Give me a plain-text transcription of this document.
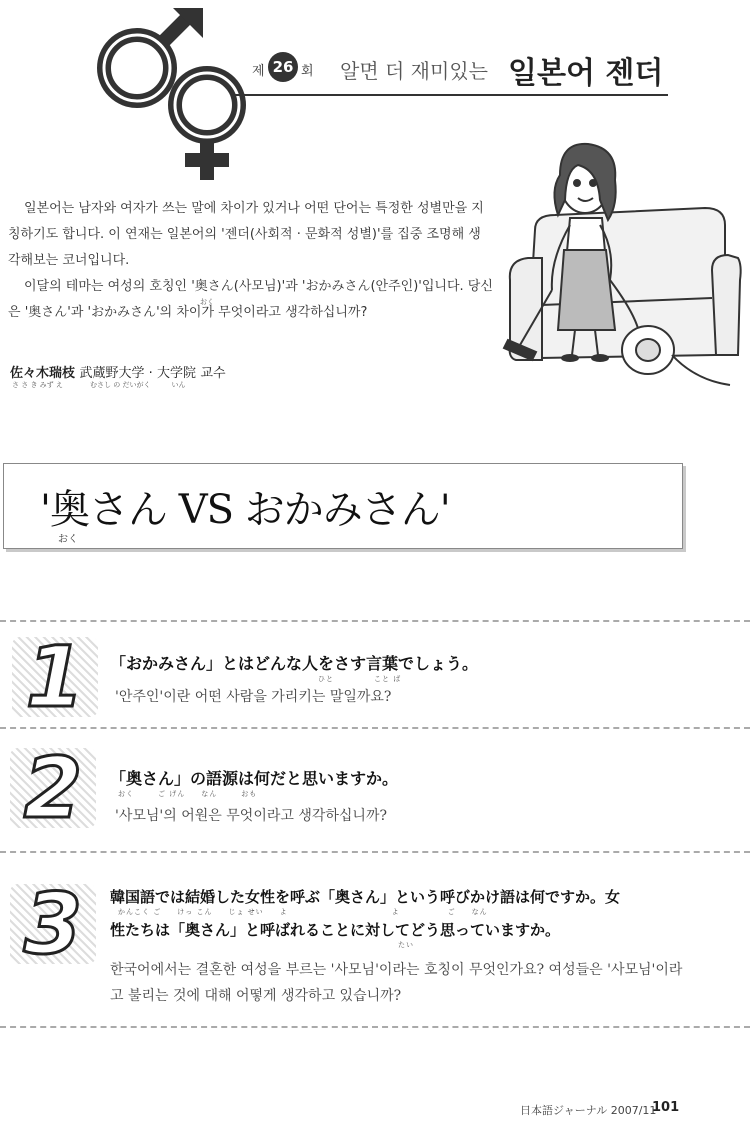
제 26 회 알면 더 재미있는 일본어 젠더

일본어는 남자와 여자가 쓰는 말에 차이가 있거나 어떤 단어는 특정한 성별만을 지칭하기도 합니다. 이 연재는 일본어의 '젠더(사회적 · 문화적 성별)'를 집중 조명해 생각해보는 코너입니다.

이달의 테마는 여성의 호칭인 '奥さん(사모님)'과 'おかみさん(안주인)'입니다. 당신은 '奥さん'과 'おかみさん'의 차이가 무엇이라고 생각하십니까?

おく
佐々木瑞枝 武蔵野大学 · 大学院 교수
さ さ き みず え	むさし の だいがく　　　いん
'奥さん VS おかみさん'
おく
1	「おかみさん」とはどんな人をさす言葉でしょう。
ひと　　　　　こと ば
'안주인'이란 어떤 사람을 가리키는 말일까요?
2	「奥さん」の語源は何だと思いますか。
おく　　　ご げん　　なん　　　おも
'사모님'의 어원은 무엇이라고 생각하십니까?
3	韓国語では結婚した女性を呼ぶ「奥さん」という呼びかけ語は何ですか。女
かんこく ご　　けっ こん　　じょ せい　　よ　　　　　　　　　　　　　よ　　　　　　ご　　なん
性たちは「奥さん」と呼ばれることに対してどう思っていますか。
たい
한국어에서는 결혼한 여성을 부르는 '사모님'이라는 호칭이 무엇인가요? 여성들은 '사모님'이라고 불리는 것에 대해 어떻게 생각하고 있습니까?
日本語ジャーナル 2007/11
101
